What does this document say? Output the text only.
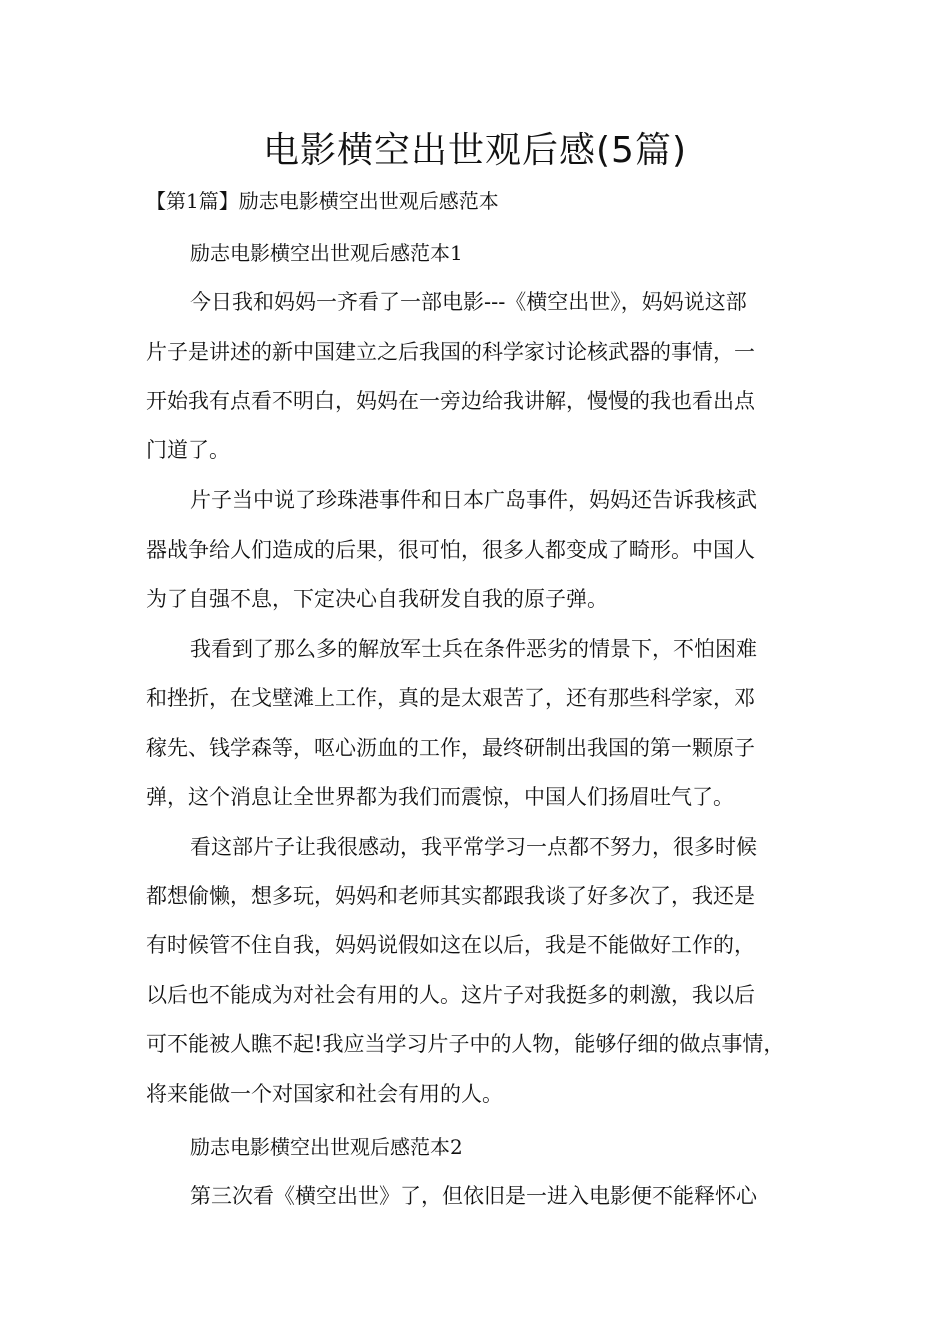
电影横空出世观后感(5篇)

【第1篇】励志电影横空出世观后感范本

励志电影横空出世观后感范本1

今日我和妈妈一齐看了一部电影---《横空出世》，妈妈说这部

片子是讲述的新中国建立之后我国的科学家讨论核武器的事情，一

开始我有点看不明白，妈妈在一旁边给我讲解，慢慢的我也看出点

门道了。

片子当中说了珍珠港事件和日本广岛事件，妈妈还告诉我核武

器战争给人们造成的后果，很可怕，很多人都变成了畸形。中国人

为了自强不息，下定决心自我研发自我的原子弹。

我看到了那么多的解放军士兵在条件恶劣的情景下，不怕困难

和挫折，在戈壁滩上工作，真的是太艰苦了，还有那些科学家，邓

稼先、钱学森等，呕心沥血的工作，最终研制出我国的第一颗原子

弹，这个消息让全世界都为我们而震惊，中国人们扬眉吐气了。

看这部片子让我很感动，我平常学习一点都不努力，很多时候

都想偷懒，想多玩，妈妈和老师其实都跟我谈了好多次了，我还是

有时候管不住自我，妈妈说假如这在以后，我是不能做好工作的，

以后也不能成为对社会有用的人。这片子对我挺多的刺激，我以后

可不能被人瞧不起!我应当学习片子中的人物，能够仔细的做点事情，

将来能做一个对国家和社会有用的人。

励志电影横空出世观后感范本2

第三次看《横空出世》了，但依旧是一进入电影便不能释怀心
